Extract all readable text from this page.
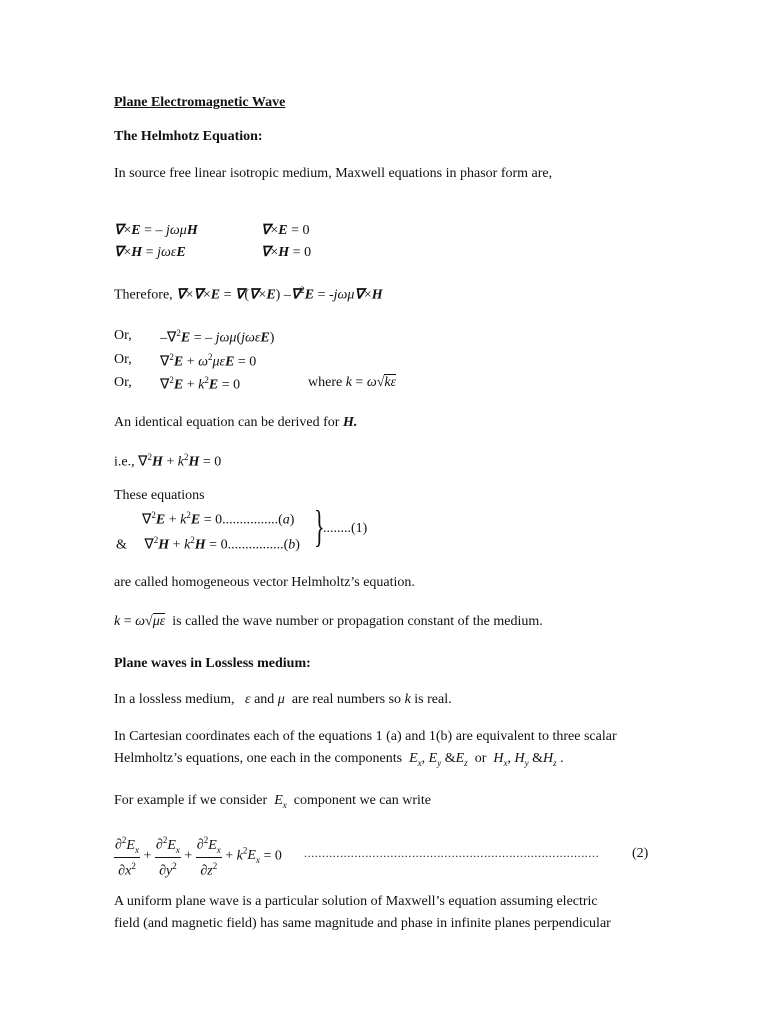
Plane Electromagnetic Wave
The Helmhotz Equation:
In source free linear isotropic medium, Maxwell equations in phasor form are,
∇×E = – jωμH	∇×E = 0
∇×H = jωεE	∇×H = 0
Therefore, ∇×∇×E = ∇(∇×E) –∇$^2$E = -jωμ∇×H
Or, –∇$^2$E = – jωμ(jωεE)
Or, $\nabla^2E + \omega^2\mu\varepsilon E = 0$
Or, $\nabla^2E + k^2E = 0$	where k = ω√kε
An identical equation can be derived for H.
i.e., $\nabla^2H + k^2H = 0$
These equations
$\nabla^2E + k^2E = 0................(a)$
&     $\nabla^2H + k^2H = 0................(b)$ }
........(1)
are called homogeneous vector Helmholtz’s equation.
k = ω√με is called the wave number or propagation constant of the medium.
Plane waves in Lossless medium:
In a lossless medium, ε and μ are real numbers so k is real.
In Cartesian coordinates each of the equations 1 (a) and 1(b) are equivalent to three scalar
Helmholtz’s equations, one each in the components $E_x$, $E_y$ $\&E_z$ or $H_x$, $H_y$ $\&H_z$ .
For example if we consider $E_x$ component we can write
$\frac{\partial^2E_x}{\partial x^2} + \frac{\partial^2E_x}{\partial y^2} + \frac{\partial^2E_x}{\partial z^2} + k^2E_x = 0$ .................................................................................. (2)
A uniform plane wave is a particular solution of Maxwell’s equation assuming electric
field (and magnetic field) has same magnitude and phase in infinite planes perpendicular
